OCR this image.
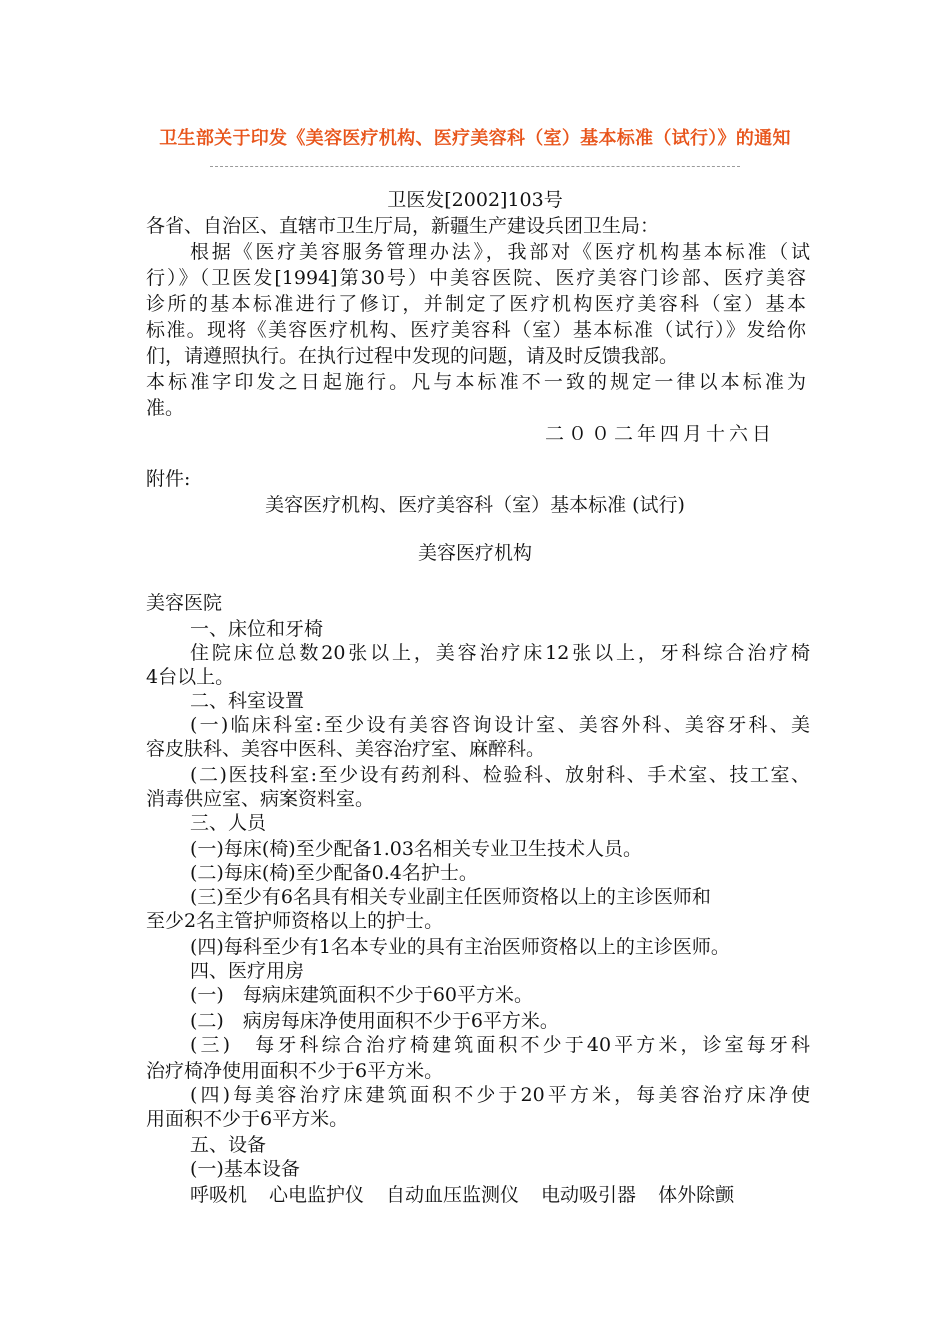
卫生部关于印发《美容医疗机构、医疗美容科（室）基本标准（试行）》的通知
卫医发[2002]103号
各省、自治区、直辖市卫生厅局，新疆生产建设兵团卫生局：
根据《医疗美容服务管理办法》，我部对《医疗机构基本标准（试
行）》（卫医发[1994]第30号）中美容医院、医疗美容门诊部、医疗美容
诊所的基本标准进行了修订，并制定了医疗机构医疗美容科（室）基本
标准。现将《美容医疗机构、医疗美容科（室）基本标准（试行）》发给你
们，请遵照执行。在执行过程中发现的问题，请及时反馈我部。
本标准字印发之日起施行。凡与本标准不一致的规定一律以本标准为
准。
二００二年四月十六日
附件:
美容医疗机构、医疗美容科（室）基本标准 (试行)
美容医疗机构
美容医院
一、床位和牙椅
住院床位总数20张以上，美容治疗床12张以上，牙科综合治疗椅
4台以上。
二、科室设置
(一)临床科室:至少设有美容咨询设计室、美容外科、美容牙科、美
容皮肤科、美容中医科、美容治疗室、麻醉科。
(二)医技科室:至少设有药剂科、检验科、放射科、手术室、技工室、
消毒供应室、病案资料室。
三、人员
(一)每床(椅)至少配备1.03名相关专业卫生技术人员。
(二)每床(椅)至少配备0.4名护士。
(三)至少有6名具有相关专业副主任医师资格以上的主诊医师和
至少2名主管护师资格以上的护士。
(四)每科至少有1名本专业的具有主治医师资格以上的主诊医师。
四、医疗用房
(一)　每病床建筑面积不少于60平方米。
(二)　病房每床净使用面积不少于6平方米。
(三)　每牙科综合治疗椅建筑面积不少于40平方米，诊室每牙科
治疗椅净使用面积不少于6平方米。
(四)每美容治疗床建筑面积不少于20平方米，每美容治疗床净使
用面积不少于6平方米。
五、设备
(一)基本设备
呼吸机 心电监护仪 自动血压监测仪 电动吸引器 体外除颤
